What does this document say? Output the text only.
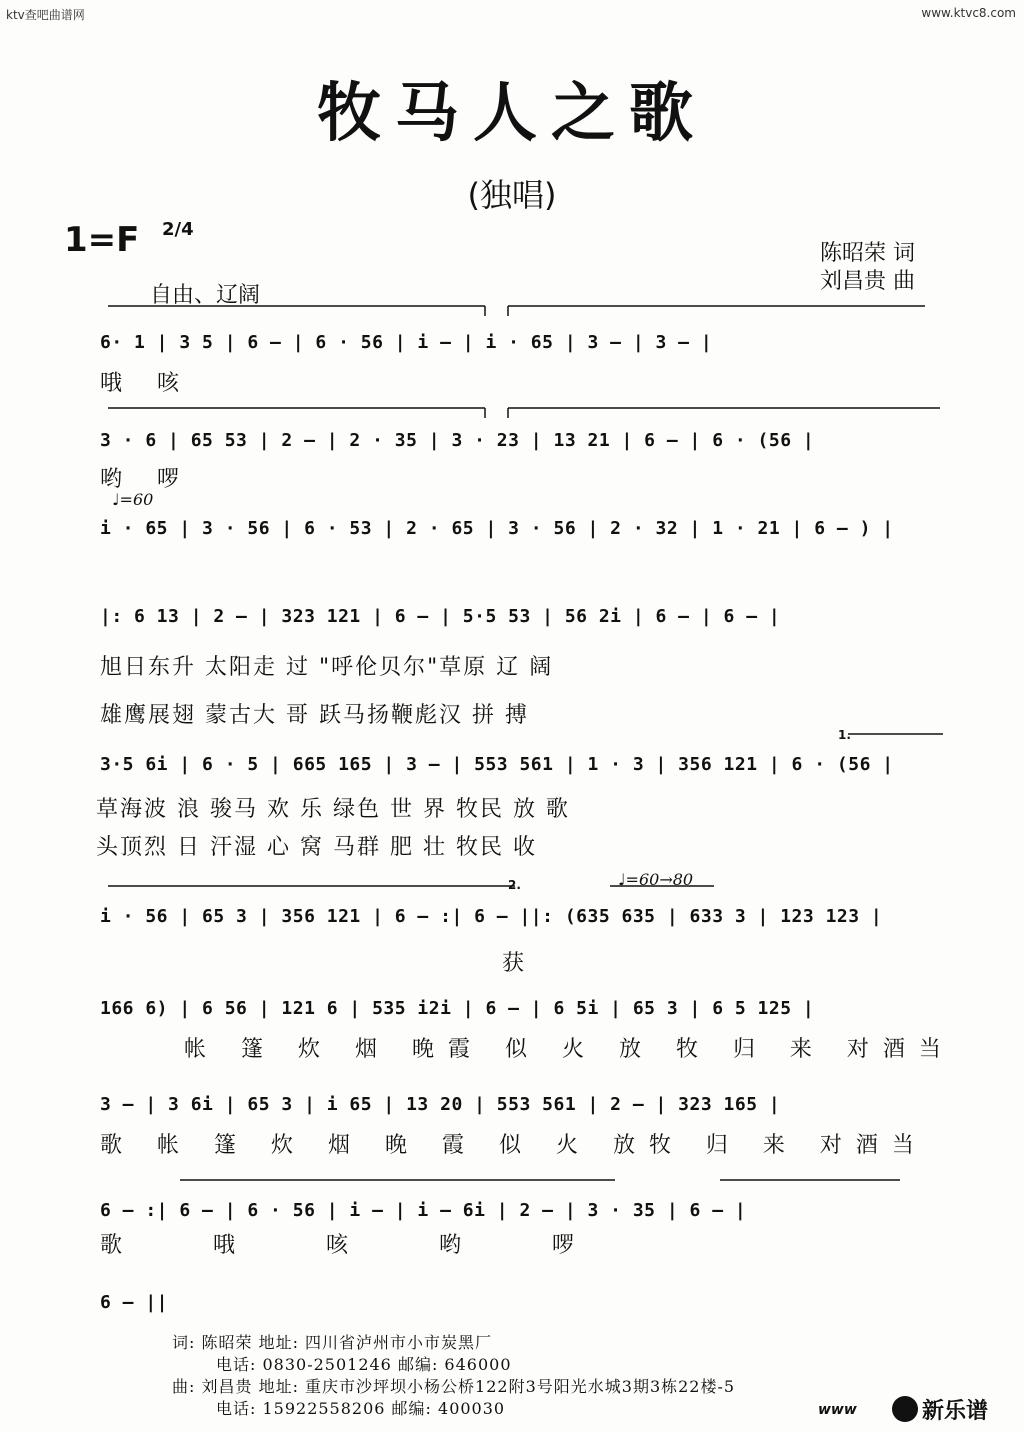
ktv查吧曲谱网	www.ktvc8.com
牧马人之歌
(独唱)
1=F 2/4
陈昭荣 词
刘昌贵 曲
自由、辽阔
6· 1 | 3 5 | 6 — | 6 · 56 | i — | i · 65 | 3 — | 3 — |
哦 咳
3 · 6 | 65 53 | 2 — | 2 · 35 | 3 · 23 | 13 21 | 6 — | 6 · (56 |
哟 啰
♩=60
i · 65 | 3 · 56 | 6 · 53 | 2 · 65 | 3 · 56 | 2 · 32 | 1 · 21 | 6 — ) |
|: 6 13 | 2 — | 323 121 | 6 — | 5·5 53 | 56 2i | 6 — | 6 — |
旭日东升 太阳走 过 "呼伦贝尔"草原 辽 阔
雄鹰展翅 蒙古大 哥 跃马扬鞭彪汉 拼 搏
1.
3·5 6i | 6 · 5 | 665 165 | 3 — | 553 561 | 1 · 3 | 356 121 | 6 · (56 |
草海波 浪 骏马 欢 乐 绿色 世 界 牧民 放 歌
头顶烈 日 汗湿 心 窝 马群 肥 壮 牧民 收
2.	♩=60→80
i · 56 | 65 3 | 356 121 | 6 — :| 6 — ||: (635 635 | 633 3 | 123 123 |
获
166 6) | 6 56 | 121 6 | 535 i2i | 6 — | 6 5i | 65 3 | 6 5 125 |
帐 篷 炊 烟 晚霞 似 火 放 牧 归 来 对酒当
3 — | 3 6i | 65 3 | i 65 | 13 20 | 553 561 | 2 — | 323 165 |
歌 帐 篷 炊 烟 晚 霞 似 火 放牧 归 来 对酒当
6 — :| 6 — | 6 · 56 | i — | i — 6i | 2 — | 3 · 35 | 6 — |
歌 哦 咳 哟 啰
6 — ||
词: 陈昭荣 地址: 四川省泸州市小市炭黑厂
电话: 0830-2501246 邮编: 646000
曲: 刘昌贵 地址: 重庆市沙坪坝小杨公桥122附3号阳光水城3期3栋22楼-5
电话: 15922558206 邮编: 400030	www	新乐谱
